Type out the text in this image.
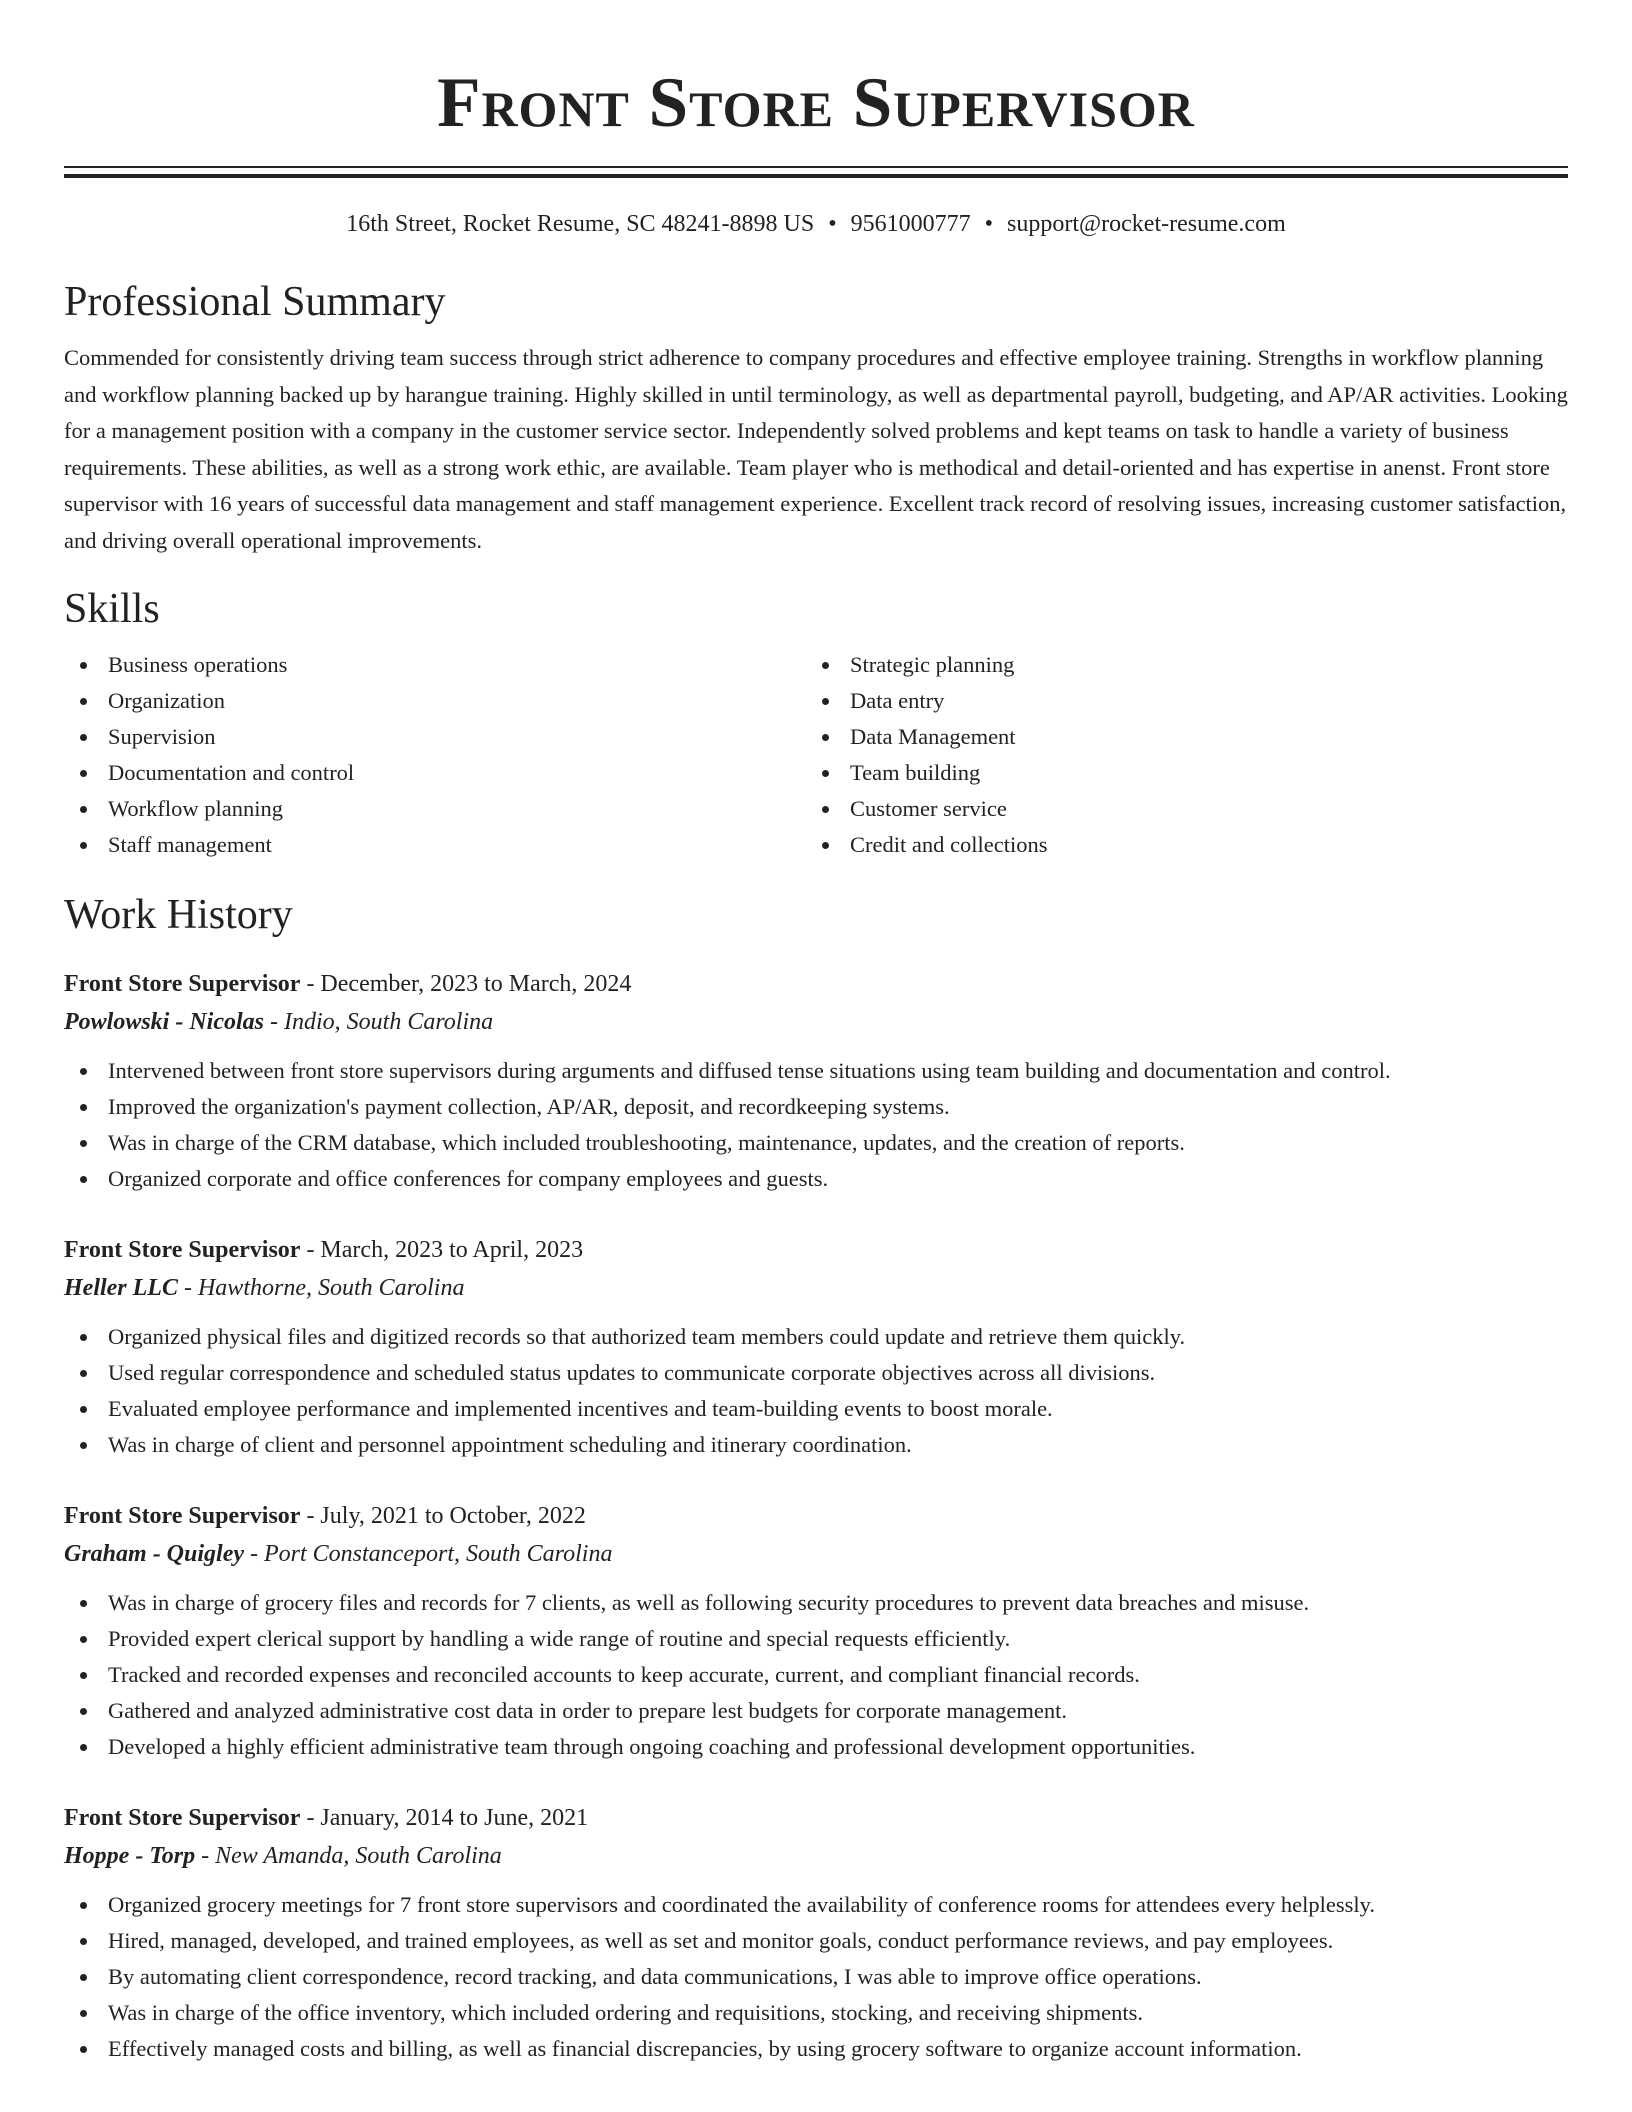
Front Store Supervisor
16th Street, Rocket Resume, SC 48241-8898 US • 9561000777 • support@rocket-resume.com
Professional Summary
Commended for consistently driving team success through strict adherence to company procedures and effective employee training. Strengths in workflow planning and workflow planning backed up by harangue training. Highly skilled in until terminology, as well as departmental payroll, budgeting, and AP/AR activities. Looking for a management position with a company in the customer service sector. Independently solved problems and kept teams on task to handle a variety of business requirements. These abilities, as well as a strong work ethic, are available. Team player who is methodical and detail-oriented and has expertise in anenst. Front store supervisor with 16 years of successful data management and staff management experience. Excellent track record of resolving issues, increasing customer satisfaction, and driving overall operational improvements.
Skills
Business operations
Organization
Supervision
Documentation and control
Workflow planning
Staff management
Strategic planning
Data entry
Data Management
Team building
Customer service
Credit and collections
Work History
Front Store Supervisor - December, 2023 to March, 2024
Powlowski - Nicolas - Indio, South Carolina
Intervened between front store supervisors during arguments and diffused tense situations using team building and documentation and control.
Improved the organization's payment collection, AP/AR, deposit, and recordkeeping systems.
Was in charge of the CRM database, which included troubleshooting, maintenance, updates, and the creation of reports.
Organized corporate and office conferences for company employees and guests.
Front Store Supervisor - March, 2023 to April, 2023
Heller LLC - Hawthorne, South Carolina
Organized physical files and digitized records so that authorized team members could update and retrieve them quickly.
Used regular correspondence and scheduled status updates to communicate corporate objectives across all divisions.
Evaluated employee performance and implemented incentives and team-building events to boost morale.
Was in charge of client and personnel appointment scheduling and itinerary coordination.
Front Store Supervisor - July, 2021 to October, 2022
Graham - Quigley - Port Constanceport, South Carolina
Was in charge of grocery files and records for 7 clients, as well as following security procedures to prevent data breaches and misuse.
Provided expert clerical support by handling a wide range of routine and special requests efficiently.
Tracked and recorded expenses and reconciled accounts to keep accurate, current, and compliant financial records.
Gathered and analyzed administrative cost data in order to prepare lest budgets for corporate management.
Developed a highly efficient administrative team through ongoing coaching and professional development opportunities.
Front Store Supervisor - January, 2014 to June, 2021
Hoppe - Torp - New Amanda, South Carolina
Organized grocery meetings for 7 front store supervisors and coordinated the availability of conference rooms for attendees every helplessly.
Hired, managed, developed, and trained employees, as well as set and monitor goals, conduct performance reviews, and pay employees.
By automating client correspondence, record tracking, and data communications, I was able to improve office operations.
Was in charge of the office inventory, which included ordering and requisitions, stocking, and receiving shipments.
Effectively managed costs and billing, as well as financial discrepancies, by using grocery software to organize account information.
